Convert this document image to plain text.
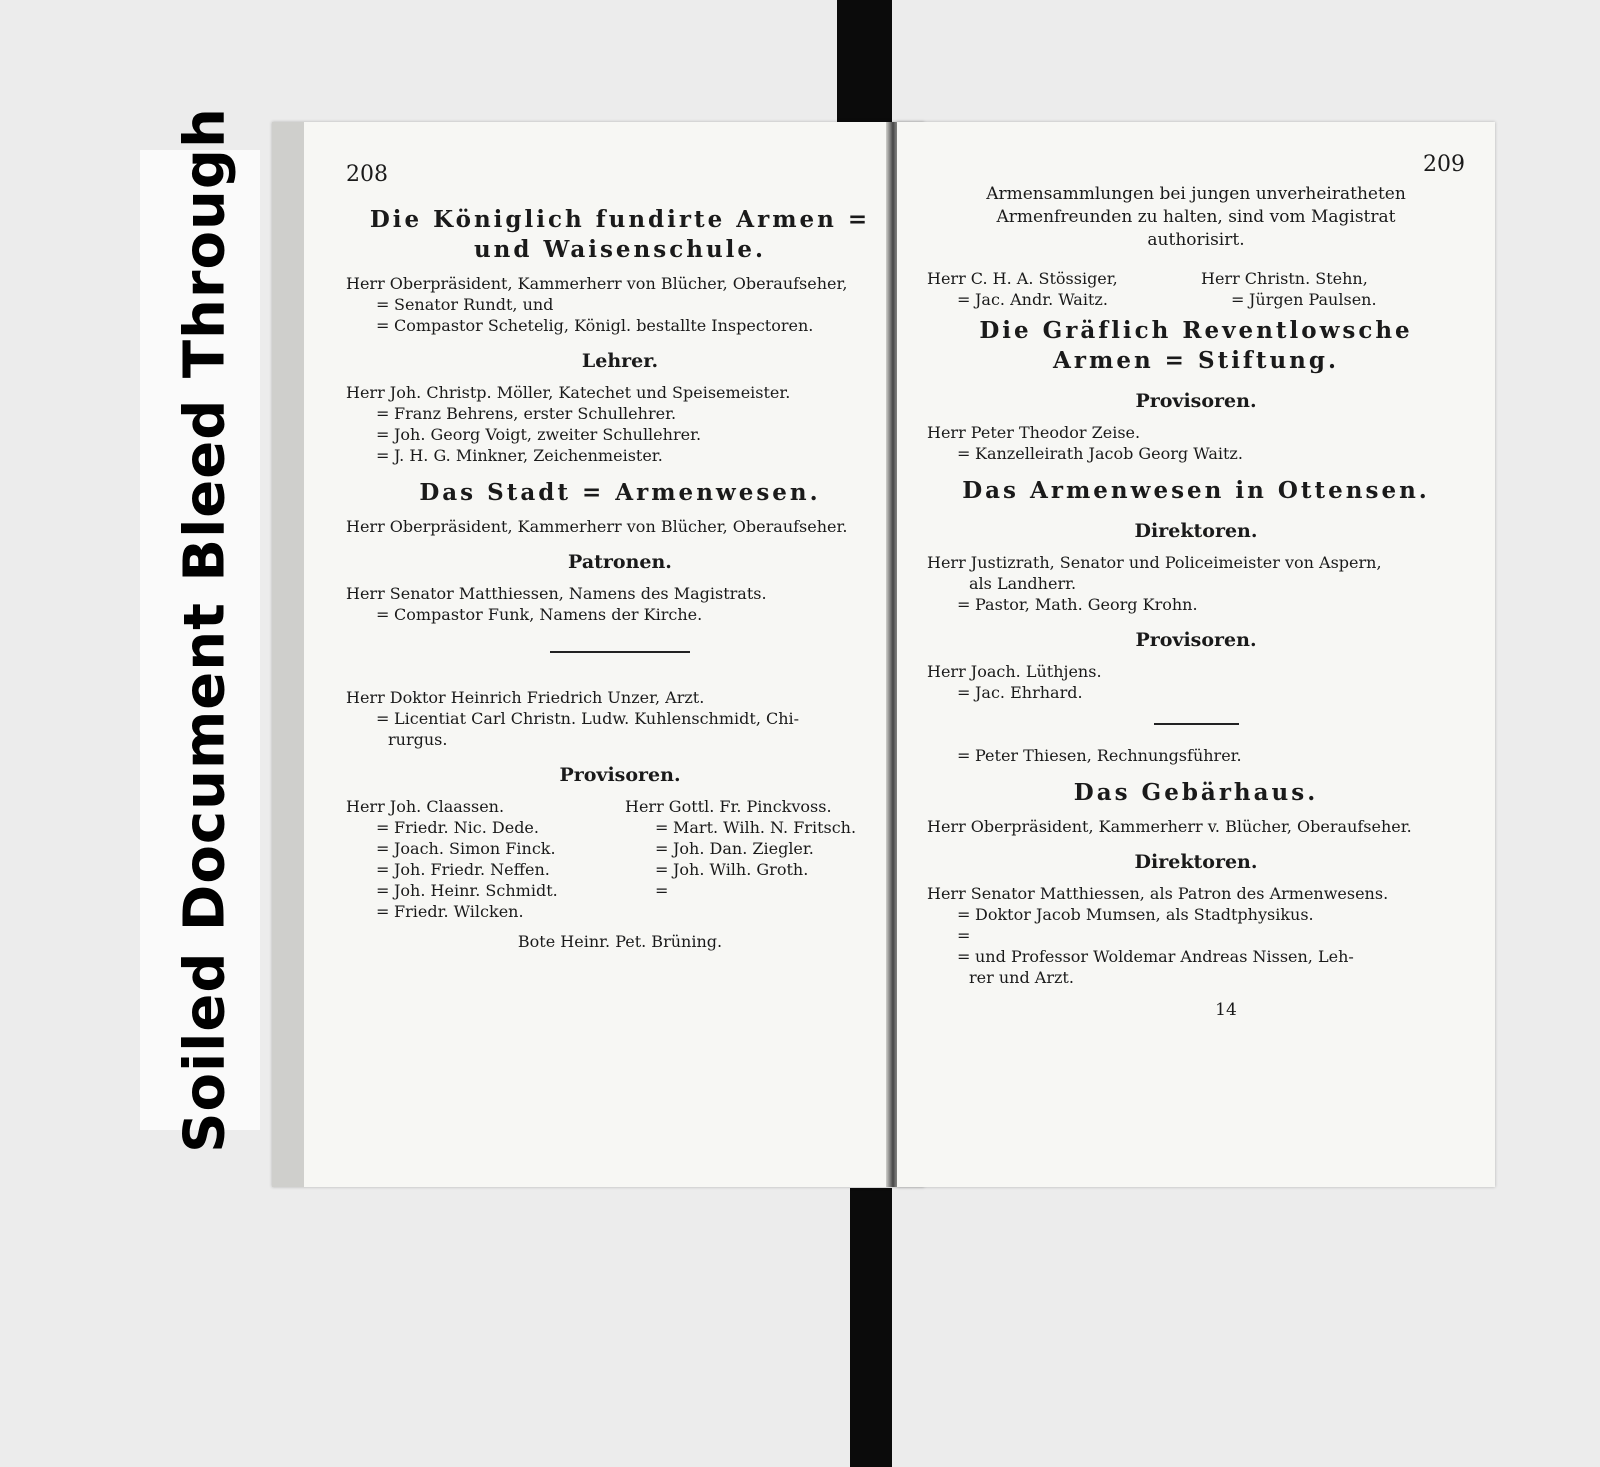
Soiled Document Bleed Through	208
Die Königlich fundirte Armen = und Waisenschule.
Herr Oberpräsident, Kammerherr von Blücher, Oberaufseher,
= Senator Rundt, und
= Compastor Schetelig, Königl. bestallte Inspectoren.
Lehrer.
Herr Joh. Christp. Möller, Katechet und Speisemeister.
= Franz Behrens, erster Schullehrer.
= Joh. Georg Voigt, zweiter Schullehrer.
= J. H. G. Minkner, Zeichenmeister.
Das Stadt = Armenwesen.
Herr Oberpräsident, Kammerherr von Blücher, Oberaufseher.
Patronen.
Herr Senator Matthiessen, Namens des Magistrats.
= Compastor Funk, Namens der Kirche.
Herr Doktor Heinrich Friedrich Unzer, Arzt.
= Licentiat Carl Christn. Ludw. Kuhlenschmidt, Chi-
rurgus.
Provisoren.
Herr Joh. Claassen.
= Friedr. Nic. Dede.
= Joach. Simon Finck.
= Joh. Friedr. Neffen.
= Joh. Heinr. Schmidt.
= Friedr. Wilcken.
Herr Gottl. Fr. Pinckvoss.
= Mart. Wilh. N. Fritsch.
= Joh. Dan. Ziegler.
= Joh. Wilh. Groth.
=
Bote Heinr. Pet. Brüning.
209
Armensammlungen bei jungen unverheiratheten
Armenfreunden zu halten, sind vom Magistrat
authorisirt.
Herr C. H. A. Stössiger,
= Jac. Andr. Waitz.
Herr Christn. Stehn,
= Jürgen Paulsen.
Die Gräflich Reventlowsche Armen = Stiftung.
Provisoren.
Herr Peter Theodor Zeise.
= Kanzelleirath Jacob Georg Waitz.
Das Armenwesen in Ottensen.
Direktoren.
Herr Justizrath, Senator und Policeimeister von Aspern,
als Landherr.
= Pastor, Math. Georg Krohn.
Provisoren.
Herr Joach. Lüthjens.
= Jac. Ehrhard.
= Peter Thiesen, Rechnungsführer.
Das Gebärhaus.
Herr Oberpräsident, Kammerherr v. Blücher, Oberaufseher.
Direktoren.
Herr Senator Matthiessen, als Patron des Armenwesens.
= Doktor Jacob Mumsen, als Stadtphysikus.
= = und Professor Woldemar Andreas Nissen, Leh-
rer und Arzt.
14
